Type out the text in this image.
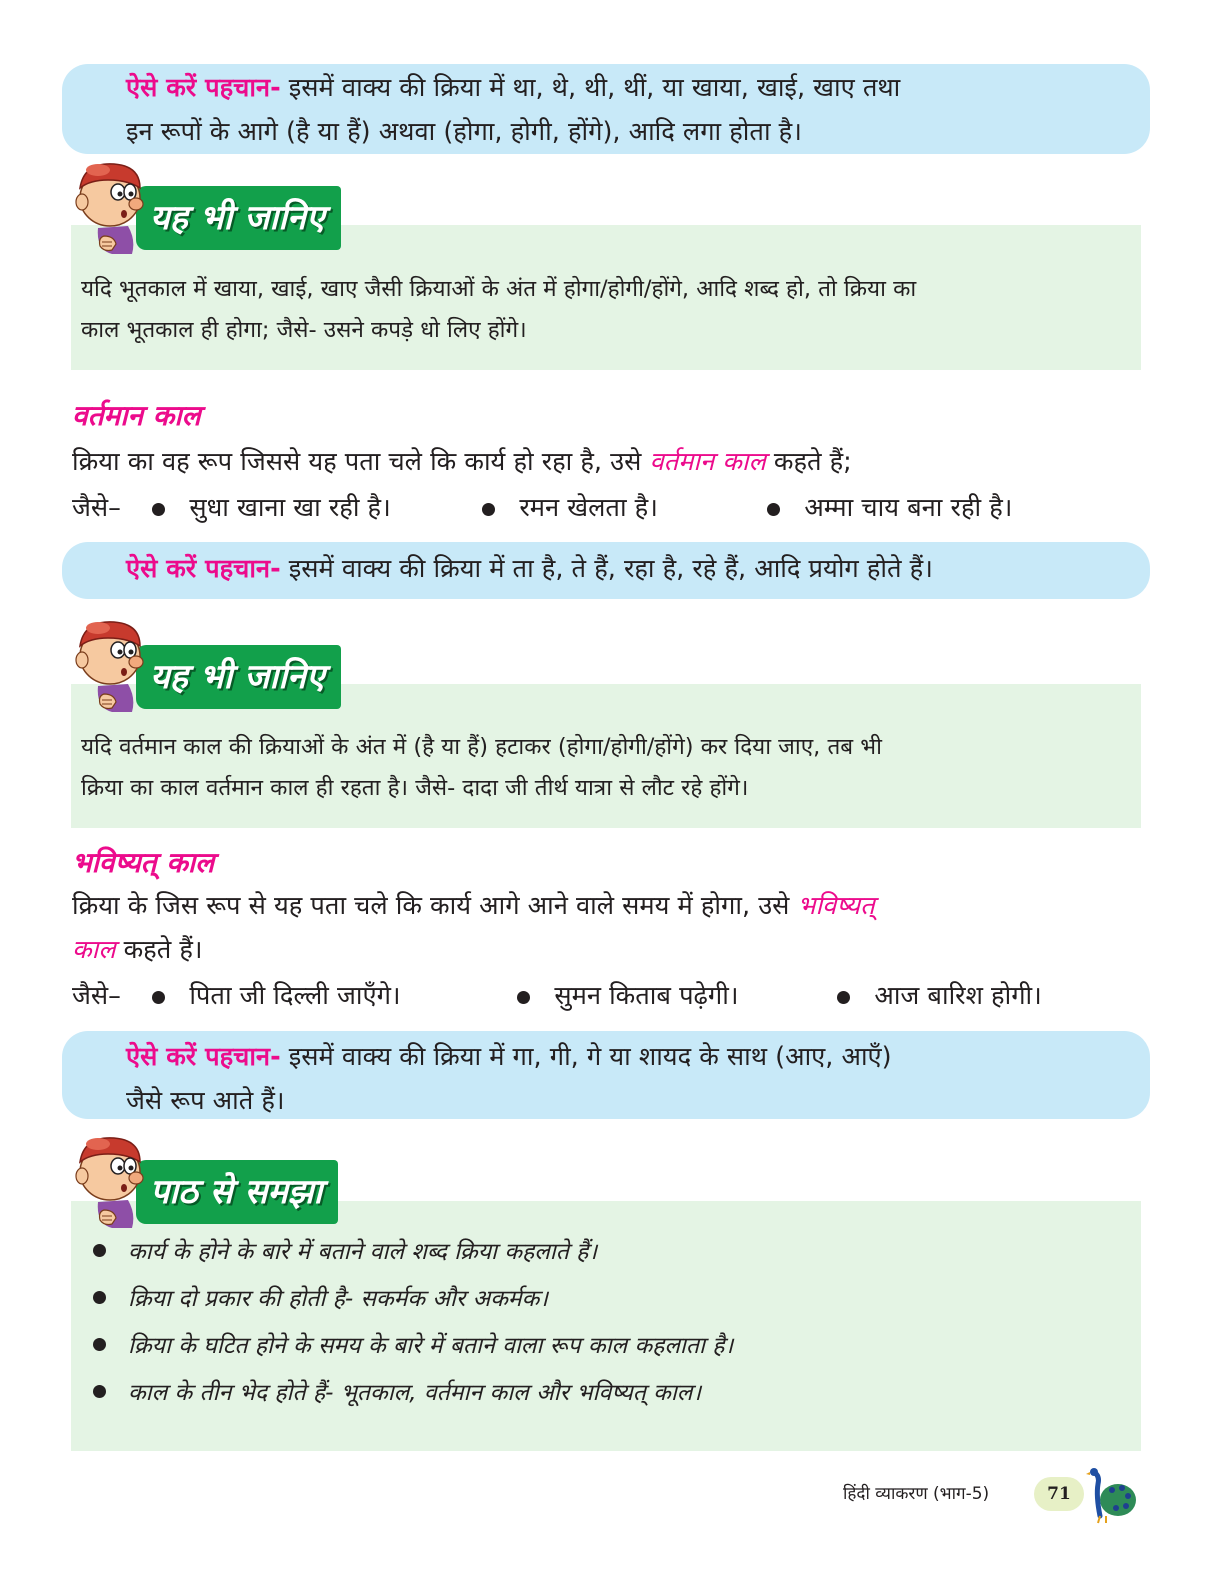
ऐसे करें पहचान- इसमें वाक्य की क्रिया में था, थे, थी, थीं, या खाया, खाई, खाए तथा

इन रूपों के आगे (है या हैं) अथवा (होगा, होगी, होंगे), आदि लगा होता है।

यदि भूतकाल में खाया, खाई, खाए जैसी क्रियाओं के अंत में होगा/होगी/होंगे, आदि शब्द हो, तो क्रिया का

काल भूतकाल ही होगा; जैसे- उसने कपड़े धो लिए होंगे।

यह भी जानिए
वर्तमान काल

क्रिया का वह रूप जिससे यह पता चले कि कार्य हो रहा है, उसे वर्तमान काल कहते हैं;

जैसे–	सुधा खाना खा रही है।	रमन खेलता है।	अम्मा चाय बना रही है।

ऐसे करें पहचान- इसमें वाक्य की क्रिया में ता है, ते हैं, रहा है, रहे हैं, आदि प्रयोग होते हैं।

यदि वर्तमान काल की क्रियाओं के अंत में (है या हैं) हटाकर (होगा/होगी/होंगे) कर दिया जाए, तब भी

क्रिया का काल वर्तमान काल ही रहता है। जैसे- दादा जी तीर्थ यात्रा से लौट रहे होंगे।

यह भी जानिए
भविष्यत् काल

क्रिया के जिस रूप से यह पता चले कि कार्य आगे आने वाले समय में होगा, उसे भविष्यत्

काल कहते हैं।

जैसे–	पिता जी दिल्ली जाएँगे।	सुमन किताब पढ़ेगी।	आज बारिश होगी।

ऐसे करें पहचान- इसमें वाक्य की क्रिया में गा, गी, गे या शायद के साथ (आए, आएँ)

जैसे रूप आते हैं।

कार्य के होने के बारे में बताने वाले शब्द क्रिया कहलाते हैं।
क्रिया दो प्रकार की होती है- सकर्मक और अकर्मक।
क्रिया के घटित होने के समय के बारे में बताने वाला रूप काल कहलाता है।
काल के तीन भेद होते हैं- भूतकाल, वर्तमान काल और भविष्यत् काल।
पाठ से समझा
हिंदी व्याकरण (भाग-5)	71
